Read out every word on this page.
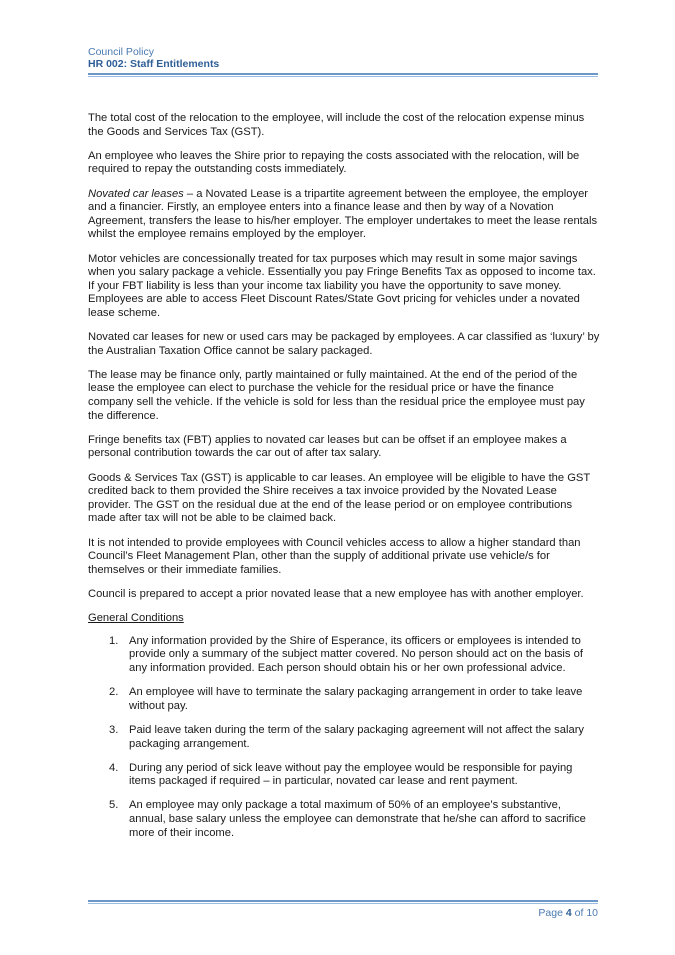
Council Policy
HR 002: Staff Entitlements

The total cost of the relocation to the employee, will include the cost of the relocation expense minus the Goods and Services Tax (GST).

An employee who leaves the Shire prior to repaying the costs associated with the relocation, will be required to repay the outstanding costs immediately.

Novated car leases – a Novated Lease is a tripartite agreement between the employee, the employer and a financier. Firstly, an employee enters into a finance lease and then by way of a Novation Agreement, transfers the lease to his/her employer. The employer undertakes to meet the lease rentals whilst the employee remains employed by the employer.

Motor vehicles are concessionally treated for tax purposes which may result in some major savings when you salary package a vehicle. Essentially you pay Fringe Benefits Tax as opposed to income tax. If your FBT liability is less than your income tax liability you have the opportunity to save money. Employees are able to access Fleet Discount Rates/State Govt pricing for vehicles under a novated lease scheme.

Novated car leases for new or used cars may be packaged by employees. A car classified as ‘luxury’ by the Australian Taxation Office cannot be salary packaged.

The lease may be finance only, partly maintained or fully maintained. At the end of the period of the lease the employee can elect to purchase the vehicle for the residual price or have the finance company sell the vehicle. If the vehicle is sold for less than the residual price the employee must pay the difference.

Fringe benefits tax (FBT) applies to novated car leases but can be offset if an employee makes a personal contribution towards the car out of after tax salary.

Goods & Services Tax (GST) is applicable to car leases. An employee will be eligible to have the GST credited back to them provided the Shire receives a tax invoice provided by the Novated Lease provider. The GST on the residual due at the end of the lease period or on employee contributions made after tax will not be able to be claimed back.

It is not intended to provide employees with Council vehicles access to allow a higher standard than Council’s Fleet Management Plan, other than the supply of additional private use vehicle/s for themselves or their immediate families.

Council is prepared to accept a prior novated lease that a new employee has with another employer.

General Conditions

1. Any information provided by the Shire of Esperance, its officers or employees is intended to provide only a summary of the subject matter covered. No person should act on the basis of any information provided. Each person should obtain his or her own professional advice.
2. An employee will have to terminate the salary packaging arrangement in order to take leave without pay.
3. Paid leave taken during the term of the salary packaging agreement will not affect the salary packaging arrangement.
4. During any period of sick leave without pay the employee would be responsible for paying items packaged if required – in particular, novated car lease and rent payment.
5. An employee may only package a total maximum of 50% of an employee’s substantive, annual, base salary unless the employee can demonstrate that he/she can afford to sacrifice more of their income.
Page 4 of 10
